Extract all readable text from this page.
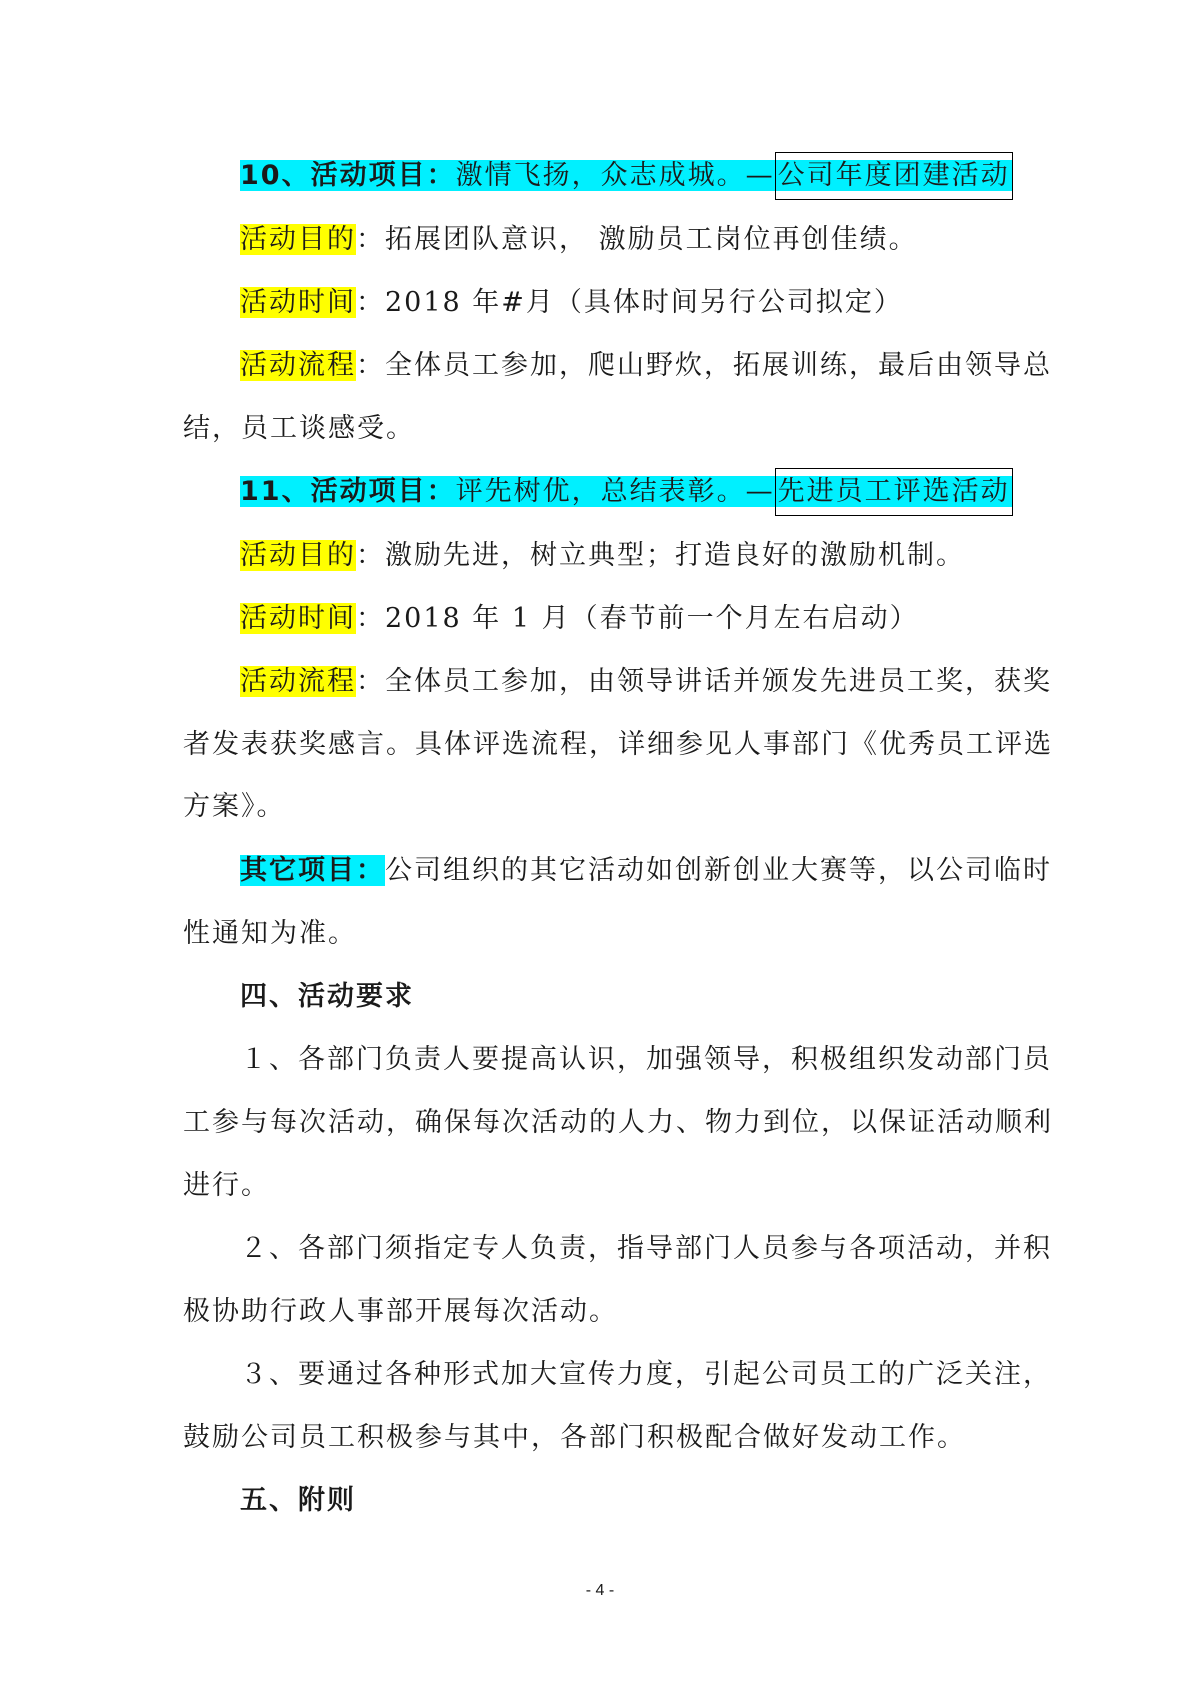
10、活动项目：激情飞扬，众志成城。— 公司年度团建活动
活动目的：拓展团队意识， 激励员工岗位再创佳绩。
活动时间：2018 年#月（具体时间另行公司拟定）
活动流程：全体员工参加，爬山野炊，拓展训练，最后由领导总
结，员工谈感受。
11、活动项目：评先树优，总结表彰。— 先进员工评选活动
活动目的：激励先进，树立典型；打造良好的激励机制。
活动时间：2018 年 1 月（春节前一个月左右启动）
活动流程：全体员工参加，由领导讲话并颁发先进员工奖，获奖
者发表获奖感言。具体评选流程，详细参见人事部门《优秀员工评选
方案》。
其它项目：公司组织的其它活动如创新创业大赛等，以公司临时
性通知为准。
四、活动要求
１、各部门负责人要提高认识，加强领导，积极组织发动部门员
工参与每次活动，确保每次活动的人力、物力到位，以保证活动顺利
进行。
２、各部门须指定专人负责，指导部门人员参与各项活动，并积
极协助行政人事部开展每次活动。
３、要通过各种形式加大宣传力度，引起公司员工的广泛关注，
鼓励公司员工积极参与其中，各部门积极配合做好发动工作。
五、附则
- 4 -
